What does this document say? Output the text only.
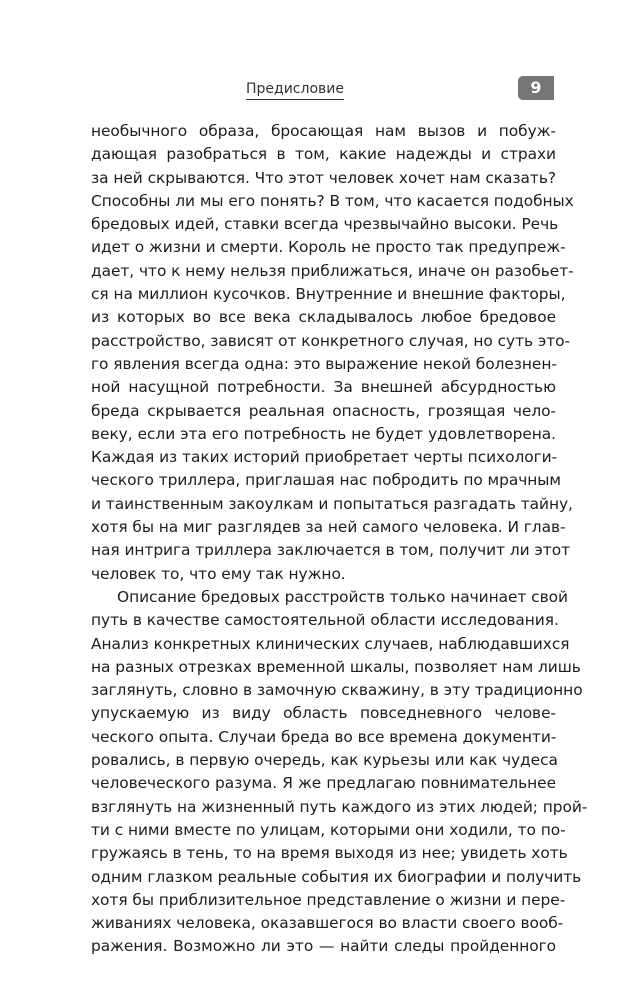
Предисловие	9
необычного образа, бросающая нам вызов и побуж-
дающая разобраться в том, какие надежды и страхи
за ней скрываются. Что этот человек хочет нам сказать?
Способны ли мы его понять? В том, что касается подобных
бредовых идей, ставки всегда чрезвычайно высоки. Речь
идет о жизни и смерти. Король не просто так предупреж-
дает, что к нему нельзя приближаться, иначе он разобьет-
ся на миллион кусочков. Внутренние и внешние факторы,
из которых во все века складывалось любое бредовое
расстройство, зависят от конкретного случая, но суть это-
го явления всегда одна: это выражение некой болезнен-
ной насущной потребности. За внешней абсурдностью
бреда скрывается реальная опасность, грозящая чело-
веку, если эта его потребность не будет удовлетворена.
Каждая из таких историй приобретает черты психологи-
ческого триллера, приглашая нас побродить по мрачным
и таинственным закоулкам и попытаться разгадать тайну,
хотя бы на миг разглядев за ней самого человека. И глав-
ная интрига триллера заключается в том, получит ли этот
человек то, что ему так нужно.
Описание бредовых расстройств только начинает свой
путь в качестве самостоятельной области исследования.
Анализ конкретных клинических случаев, наблюдавшихся
на разных отрезках временной шкалы, позволяет нам лишь
заглянуть, словно в замочную скважину, в эту традиционно
упускаемую из виду область повседневного челове-
ческого опыта. Случаи бреда во все времена документи-
ровались, в первую очередь, как курьезы или как чудеса
человеческого разума. Я же предлагаю повнимательнее
взглянуть на жизненный путь каждого из этих людей; прой-
ти с ними вместе по улицам, которыми они ходили, то по-
гружаясь в тень, то на время выходя из нее; увидеть хоть
одним глазком реальные события их биографии и получить
хотя бы приблизительное представление о жизни и пере-
живаниях человека, оказавшегося во власти своего вооб-
ражения. Возможно ли это — найти следы пройденного
